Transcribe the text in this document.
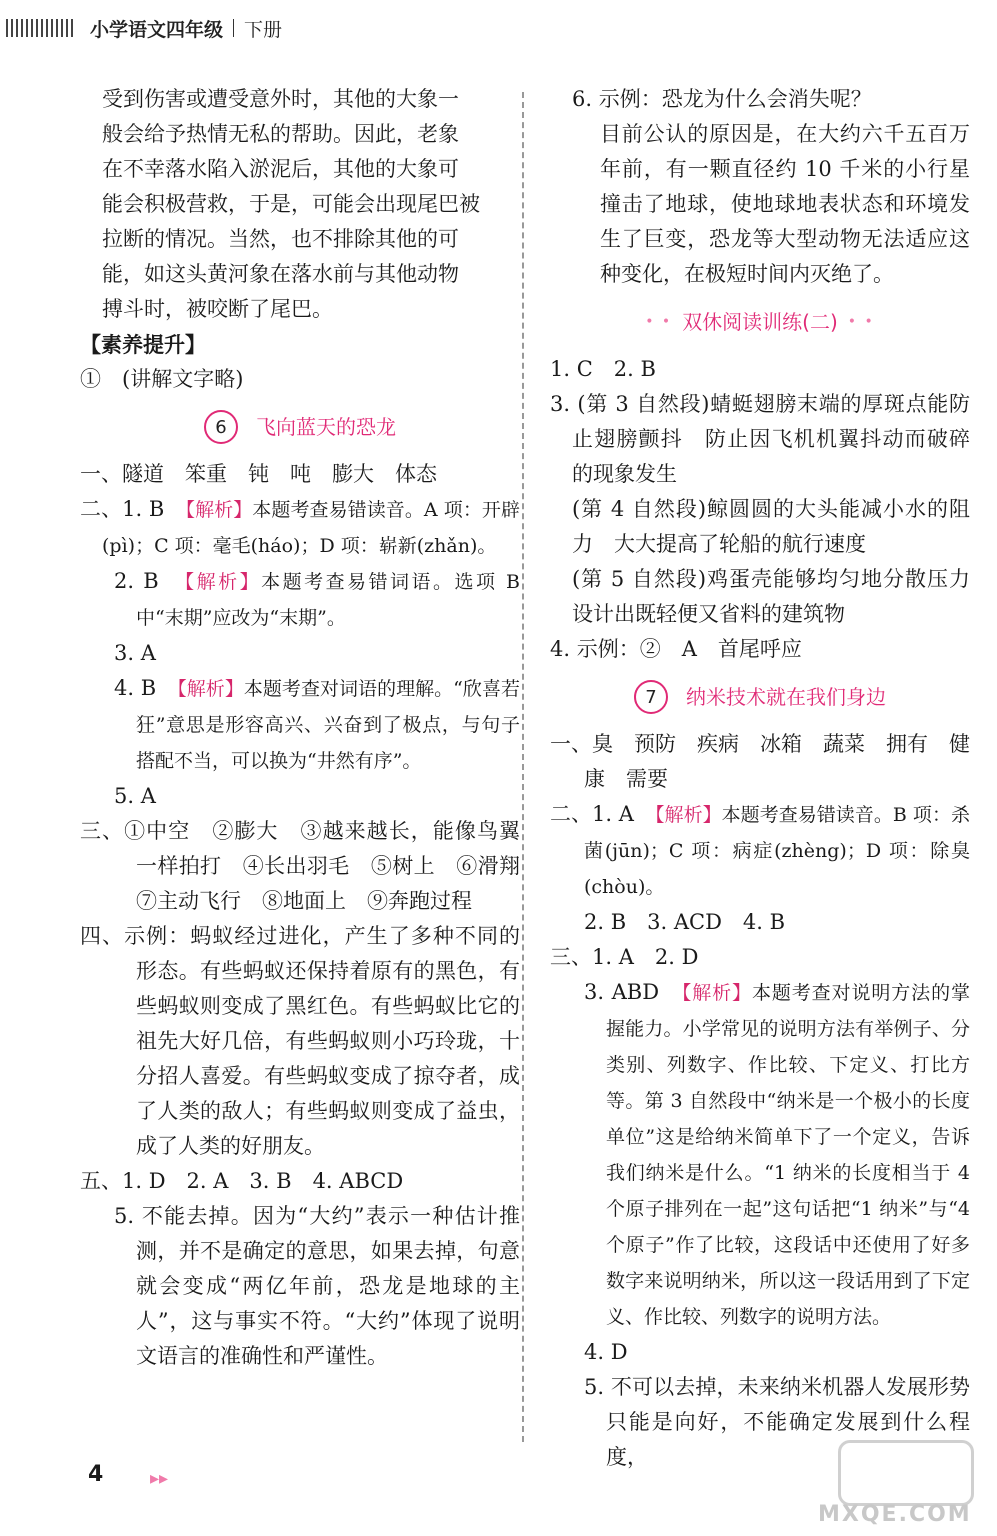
小学语文四年级 下册

受到伤害或遭受意外时，其他的大象一

般会给予热情无私的帮助。因此，老象

在不幸落水陷入淤泥后，其他的大象可

能会积极营救，于是，可能会出现尾巴被

拉断的情况。当然，也不排除其他的可

能，如这头黄河象在落水前与其他动物

搏斗时，被咬断了尾巴。

【素养提升】

①　(讲解文字略)

6	飞向蓝天的恐龙

一、隧道　笨重　钝　吨　膨大　体态

二、1. B　【解析】本题考查易错读音。A 项：开辟(pì)；C 项：毫毛(háo)；D 项：崭新(zhǎn)。

2. B　【解析】本题考查易错词语。选项 B 中“末期”应改为“末期”。

3. A

4. B　【解析】本题考查对词语的理解。“欣喜若狂”意思是形容高兴、兴奋到了极点，与句子搭配不当，可以换为“井然有序”。

5. A

三、①中空　②膨大　③越来越长，能像鸟翼一样拍打　④长出羽毛　⑤树上　⑥滑翔　⑦主动飞行　⑧地面上　⑨奔跑过程

四、示例：蚂蚁经过进化，产生了多种不同的形态。有些蚂蚁还保持着原有的黑色，有些蚂蚁则变成了黑红色。有些蚂蚁比它的祖先大好几倍，有些蚂蚁则小巧玲珑，十分招人喜爱。有些蚂蚁变成了掠夺者，成了人类的敌人；有些蚂蚁则变成了益虫，成了人类的好朋友。

五、1. D　2. A　3. B　4. ABCD

5. 不能去掉。因为“大约”表示一种估计推测，并不是确定的意思，如果去掉，句意就会变成“两亿年前，恐龙是地球的主人”，这与事实不符。“大约”体现了说明文语言的准确性和严谨性。

6. 示例：恐龙为什么会消失呢？

目前公认的原因是，在大约六千五百万年前，有一颗直径约 10 千米的小行星撞击了地球，使地球地表状态和环境发生了巨变，恐龙等大型动物无法适应这种变化，在极短时间内灭绝了。

• • 双休阅读训练(二) • •

1. C　2. B

3. (第 3 自然段)蜻蜓翅膀末端的厚斑点能防止翅膀颤抖　防止因飞机机翼抖动而破碎的现象发生

(第 4 自然段)鲸圆圆的大头能减小水的阻力　大大提高了轮船的航行速度

(第 5 自然段)鸡蛋壳能够均匀地分散压力　设计出既轻便又省料的建筑物

4. 示例：②　A　首尾呼应

7	纳米技术就在我们身边

一、臭　预防　疾病　冰箱　蔬菜　拥有　健康　需要

二、1. A　【解析】本题考查易错读音。B 项：杀菌(jūn)；C 项：病症(zhèng)；D 项：除臭(chòu)。

2. B　3. ACD　4. B

三、1. A　2. D

3. ABD　【解析】本题考查对说明方法的掌握能力。小学常见的说明方法有举例子、分类别、列数字、作比较、下定义、打比方等。第 3 自然段中“纳米是一个极小的长度单位”这是给纳米简单下了一个定义，告诉我们纳米是什么。“1 纳米的长度相当于 4 个原子排列在一起”这句话把“1 纳米”与“4 个原子”作了比较，这段话中还使用了好多数字来说明纳米，所以这一段话用到了下定义、作比较、列数字的说明方法。

4. D

5. 不可以去掉，未来纳米机器人发展形势只能是向好，不能确定发展到什么程度，

4	▸▸
MXQE.COM
